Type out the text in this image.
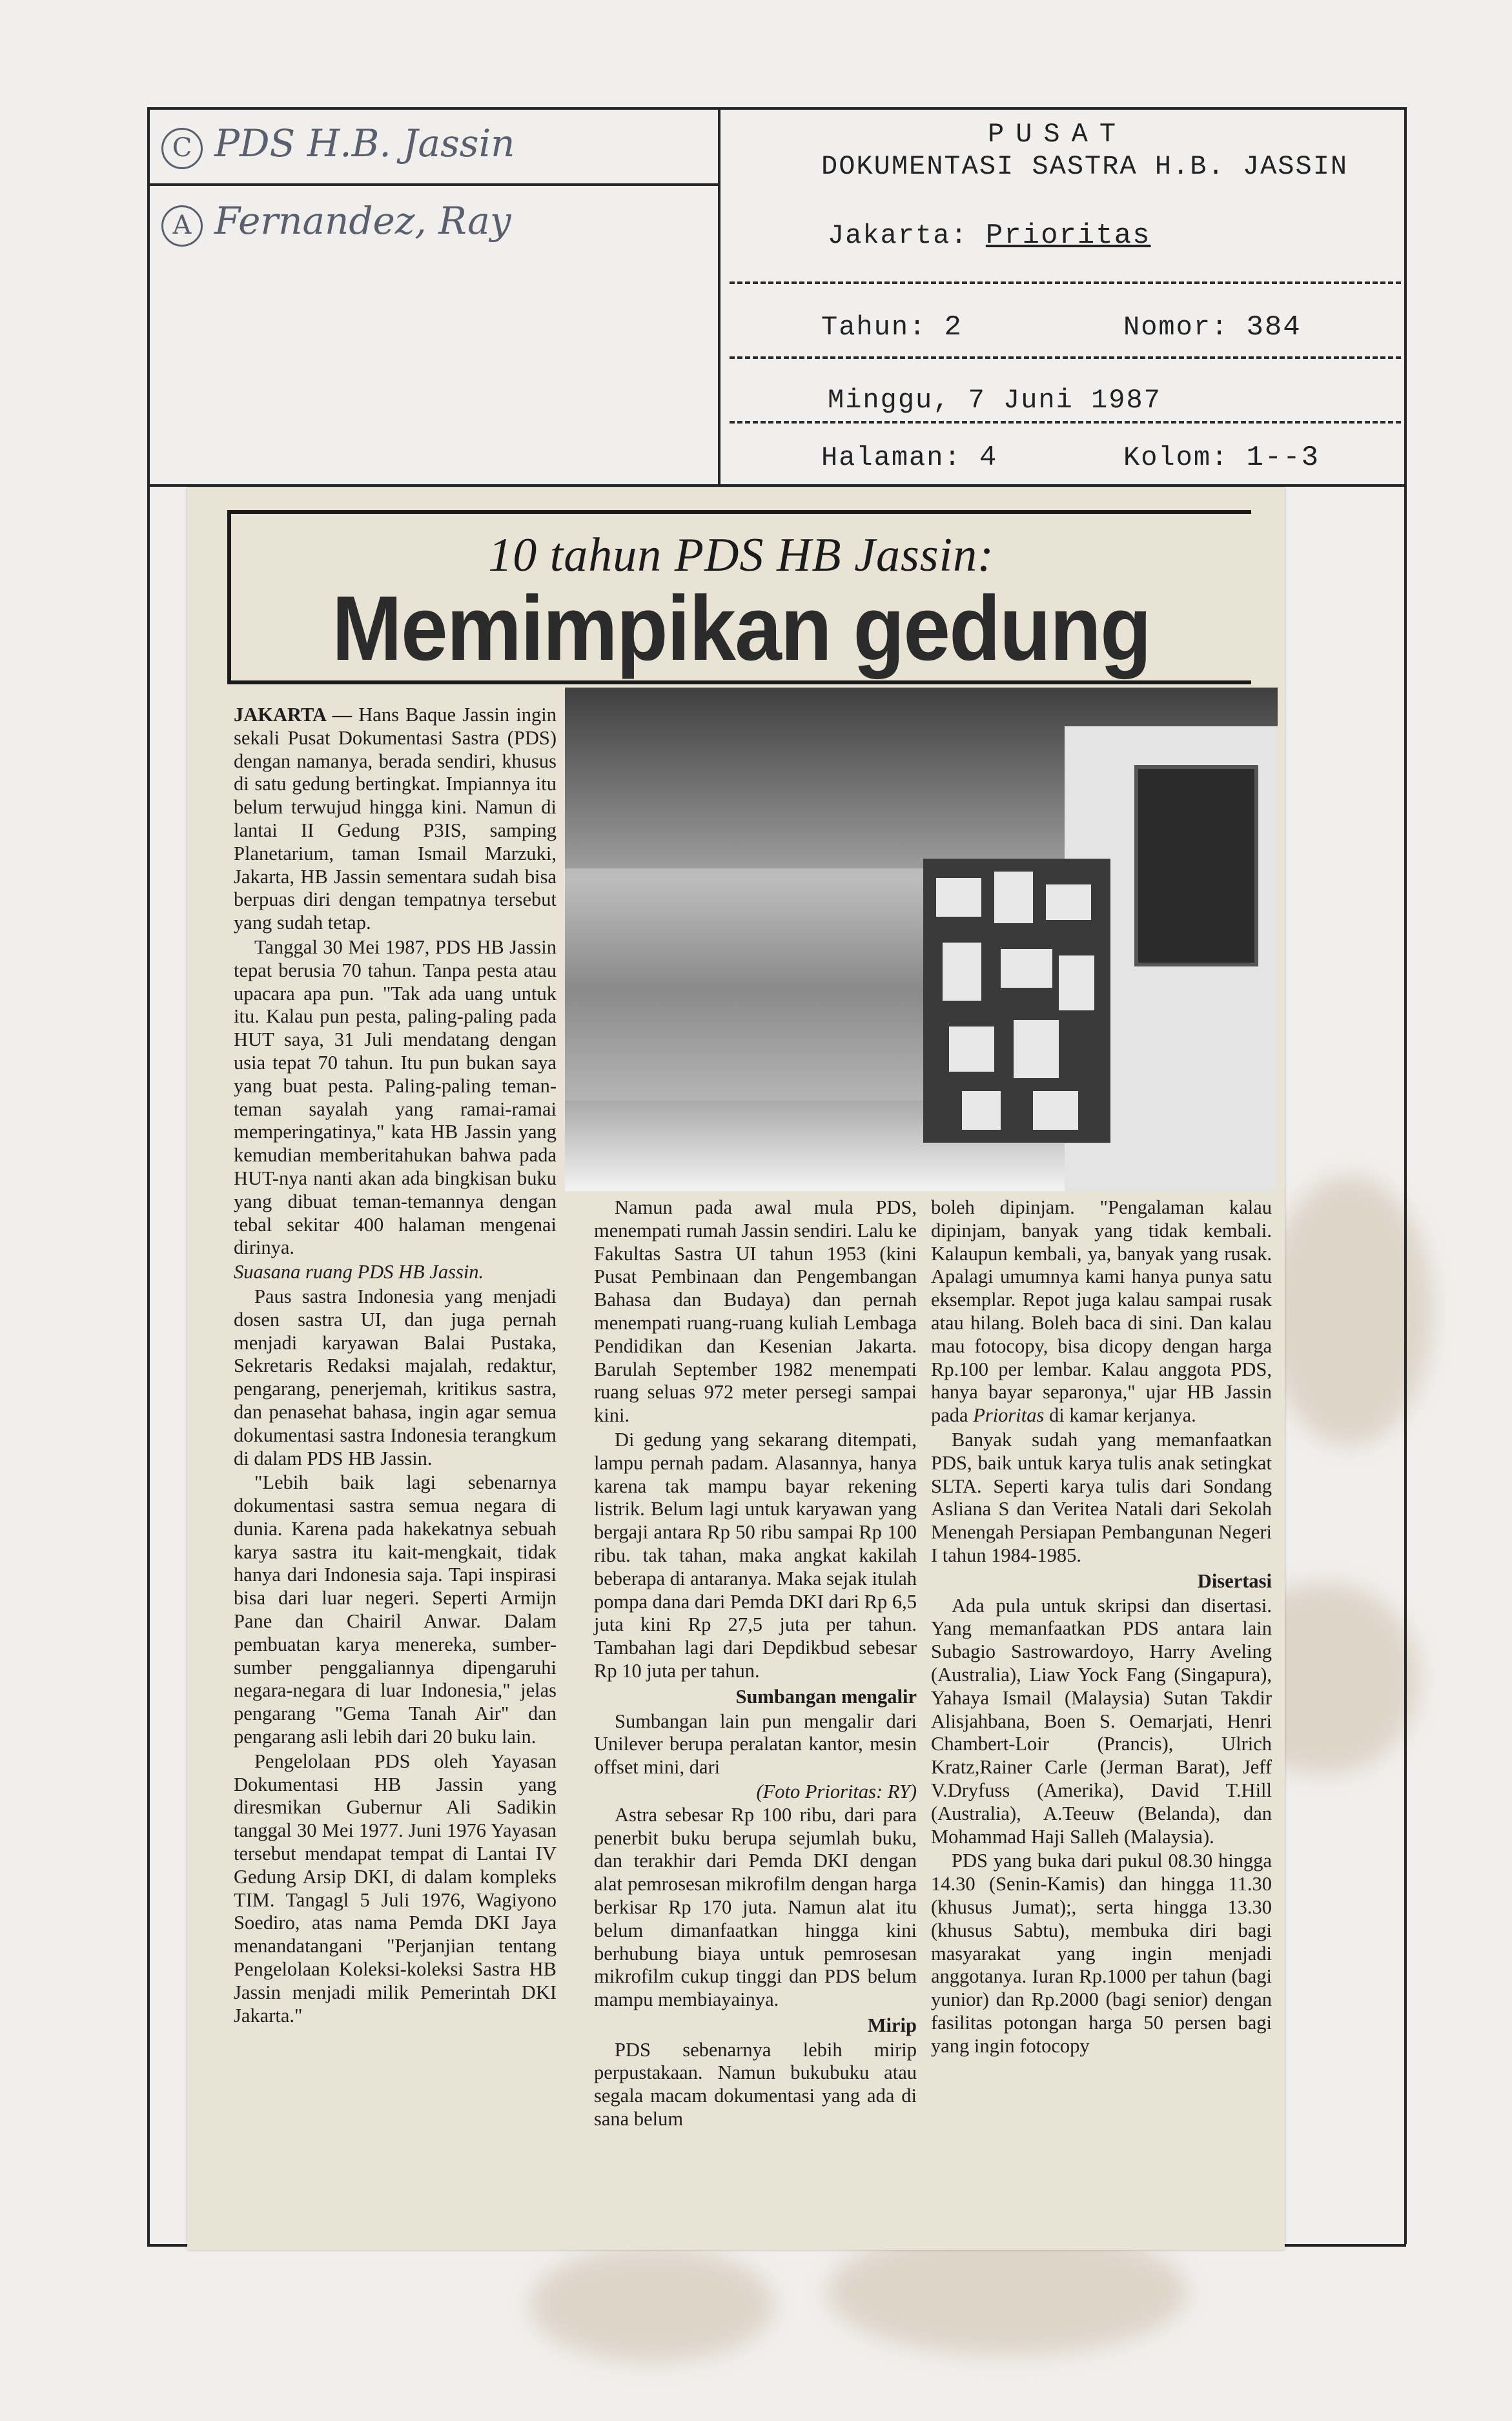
C PDS H.B. Jassin
A Fernandez, Ray
PUSAT
DOKUMENTASI SASTRA H.B. JASSIN
Jakarta: Prioritas
Tahun: 2	Nomor: 384
Minggu, 7 Juni 1987
Halaman: 4	Kolom: 1--3
10 tahun PDS HB Jassin:
Memimpikan gedung

JAKARTA — Hans Baque Jassin ingin sekali Pusat Dokumentasi Sastra (PDS) dengan namanya, berada sendiri, khusus di satu gedung bertingkat. Impiannya itu belum terwujud hingga kini. Namun di lantai II Gedung P3IS, samping Planetarium, taman Ismail Marzuki, Jakarta, HB Jassin sementara sudah bisa berpuas diri dengan tempatnya tersebut yang sudah tetap.

Tanggal 30 Mei 1987, PDS HB Jassin tepat berusia 70 tahun. Tanpa pesta atau upacara apa pun. "Tak ada uang untuk itu. Kalau pun pesta, paling-paling pada HUT saya, 31 Juli mendatang dengan usia tepat 70 tahun. Itu pun bukan saya yang buat pesta. Paling-paling teman-teman sayalah yang ramai-ramai memperingatinya," kata HB Jassin yang kemudian memberitahukan bahwa pada HUT-nya nanti akan ada bingkisan buku yang dibuat teman-temannya dengan tebal sekitar 400 halaman mengenai dirinya.

Suasana ruang PDS HB Jassin.

Paus sastra Indonesia yang menjadi dosen sastra UI, dan juga pernah menjadi karyawan Balai Pustaka, Sekretaris Redaksi majalah, redaktur, pengarang, penerjemah, kritikus sastra, dan penasehat bahasa, ingin agar semua dokumentasi sastra Indonesia terangkum di dalam PDS HB Jassin.

"Lebih baik lagi sebenarnya dokumentasi sastra semua negara di dunia. Karena pada hakekatnya sebuah karya sastra itu kait-mengkait, tidak hanya dari Indonesia saja. Tapi inspirasi bisa dari luar negeri. Seperti Armijn Pane dan Chairil Anwar. Dalam pembuatan karya menereka, sumber-sumber penggaliannya dipengaruhi negara-negara di luar Indonesia," jelas pengarang "Gema Tanah Air" dan pengarang asli lebih dari 20 buku lain.

Pengelolaan PDS oleh Yayasan Dokumentasi HB Jassin yang diresmikan Gubernur Ali Sadikin tanggal 30 Mei 1977. Juni 1976 Yayasan tersebut mendapat tempat di Lantai IV Gedung Arsip DKI, di dalam kompleks TIM. Tangagl 5 Juli 1976, Wagiyono Soediro, atas nama Pemda DKI Jaya menandatangani "Perjanjian tentang Pengelolaan Koleksi-koleksi Sastra HB Jassin menjadi milik Pemerintah DKI Jakarta."

Namun pada awal mula PDS, menempati rumah Jassin sendiri. Lalu ke Fakultas Sastra UI tahun 1953 (kini Pusat Pembinaan dan Pengembangan Bahasa dan Budaya) dan pernah menempati ruang-ruang kuliah Lembaga Pendidikan dan Kesenian Jakarta. Barulah September 1982 menempati ruang seluas 972 meter persegi sampai kini.

Di gedung yang sekarang ditempati, lampu pernah padam. Alasannya, hanya karena tak mampu bayar rekening listrik. Belum lagi untuk karyawan yang bergaji antara Rp 50 ribu sampai Rp 100 ribu. tak tahan, maka angkat kakilah beberapa di antaranya. Maka sejak itulah pompa dana dari Pemda DKI dari Rp 6,5 juta kini Rp 27,5 juta per tahun. Tambahan lagi dari Depdikbud sebesar Rp 10 juta per tahun.

Sumbangan mengalir

Sumbangan lain pun mengalir dari Unilever berupa peralatan kantor, mesin offset mini, dari

(Foto Prioritas: RY)

Astra sebesar Rp 100 ribu, dari para penerbit buku berupa sejumlah buku, dan terakhir dari Pemda DKI dengan alat pemrosesan mikrofilm dengan harga berkisar Rp 170 juta. Namun alat itu belum dimanfaatkan hingga kini berhubung biaya untuk pemrosesan mikrofilm cukup tinggi dan PDS belum mampu membiayainya.

Mirip

PDS sebenarnya lebih mirip perpustakaan. Namun bukubuku atau segala macam dokumentasi yang ada di sana belum

boleh dipinjam. "Pengalaman kalau dipinjam, banyak yang tidak kembali. Kalaupun kembali, ya, banyak yang rusak. Apalagi umumnya kami hanya punya satu eksemplar. Repot juga kalau sampai rusak atau hilang. Boleh baca di sini. Dan kalau mau fotocopy, bisa dicopy dengan harga Rp.100 per lembar. Kalau anggota PDS, hanya bayar separonya," ujar HB Jassin pada Prioritas di kamar kerjanya.

Banyak sudah yang memanfaatkan PDS, baik untuk karya tulis anak setingkat SLTA. Seperti karya tulis dari Sondang Asliana S dan Veritea Natali dari Sekolah Menengah Persiapan Pembangunan Negeri I tahun 1984-1985.

Disertasi

Ada pula untuk skripsi dan disertasi. Yang memanfaatkan PDS antara lain Subagio Sastrowardoyo, Harry Aveling (Australia), Liaw Yock Fang (Singapura), Yahaya Ismail (Malaysia) Sutan Takdir Alisjahbana, Boen S. Oemarjati, Henri Chambert-Loir (Prancis), Ulrich Kratz,Rainer Carle (Jerman Barat), Jeff V.Dryfuss (Amerika), David T.Hill (Australia), A.Teeuw (Belanda), dan Mohammad Haji Salleh (Malaysia).

PDS yang buka dari pukul 08.30 hingga 14.30 (Senin-Kamis) dan hingga 11.30 (khusus Jumat);, serta hingga 13.30 (khusus Sabtu), membuka diri bagi masyarakat yang ingin menjadi anggotanya. Iuran Rp.1000 per tahun (bagi yunior) dan Rp.2000 (bagi senior) dengan fasilitas potongan harga 50 persen bagi yang ingin fotocopy
